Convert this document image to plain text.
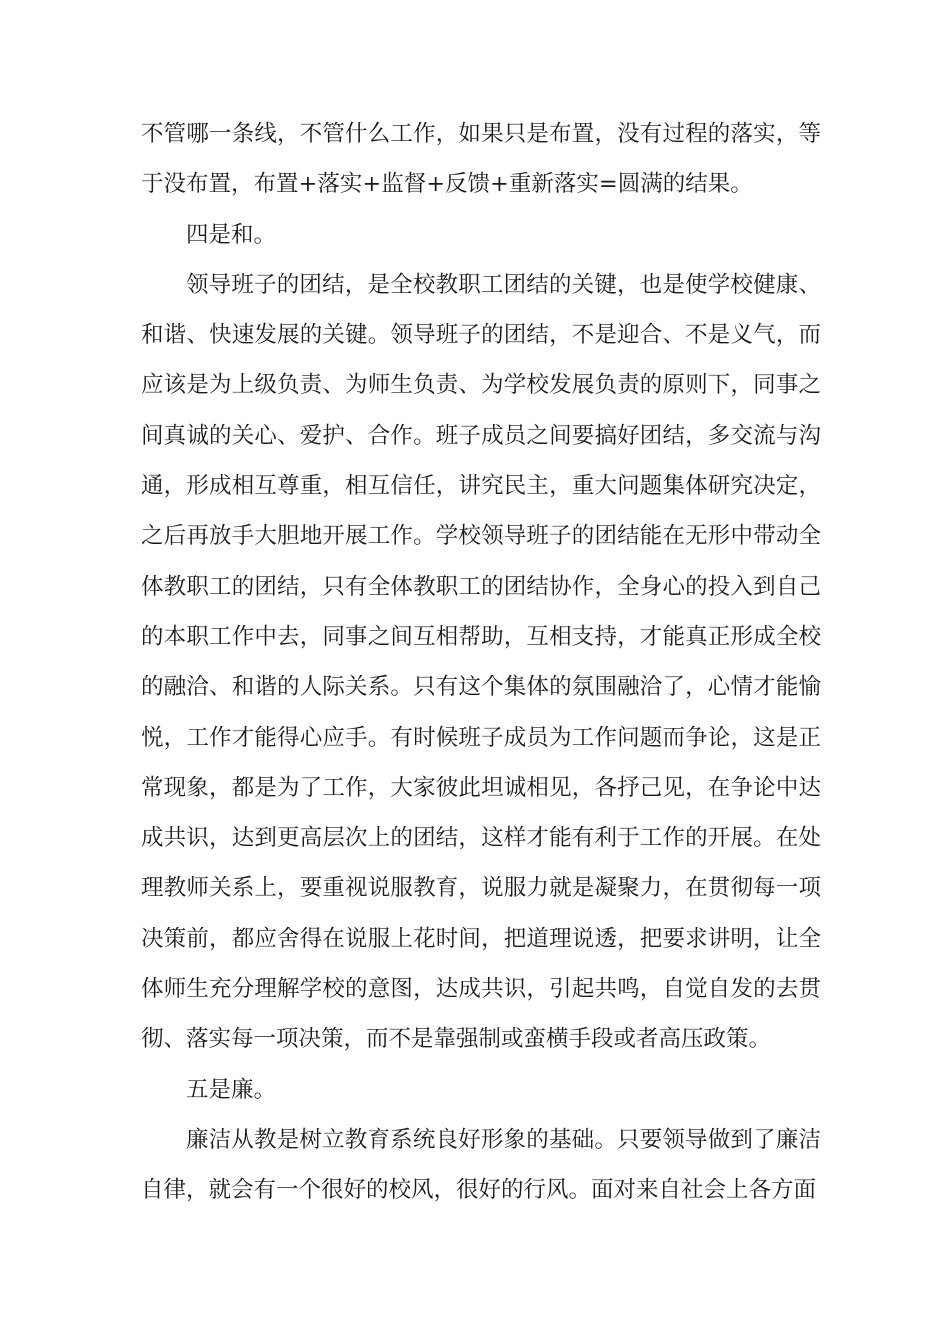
不管哪一条线，不管什么工作，如果只是布置，没有过程的落实，等于没布置，布置+落实+监督+反馈+重新落实=圆满的结果。

四是和。

领导班子的团结，是全校教职工团结的关键，也是使学校健康、和谐、快速发展的关键。领导班子的团结，不是迎合、不是义气，而应该是为上级负责、为师生负责、为学校发展负责的原则下，同事之间真诚的关心、爱护、合作。班子成员之间要搞好团结，多交流与沟通，形成相互尊重，相互信任，讲究民主，重大问题集体研究决定，之后再放手大胆地开展工作。学校领导班子的团结能在无形中带动全体教职工的团结，只有全体教职工的团结协作，全身心的投入到自己的本职工作中去，同事之间互相帮助，互相支持，才能真正形成全校的融洽、和谐的人际关系。只有这个集体的氛围融洽了，心情才能愉悦，工作才能得心应手。有时候班子成员为工作问题而争论，这是正常现象，都是为了工作，大家彼此坦诚相见，各抒己见，在争论中达成共识，达到更高层次上的团结，这样才能有利于工作的开展。在处理教师关系上，要重视说服教育，说服力就是凝聚力，在贯彻每一项决策前，都应舍得在说服上花时间，把道理说透，把要求讲明，让全体师生充分理解学校的意图，达成共识，引起共鸣，自觉自发的去贯彻、落实每一项决策，而不是靠强制或蛮横手段或者高压政策。

五是廉。

廉洁从教是树立教育系统良好形象的基础。只要领导做到了廉洁自律，就会有一个很好的校风，很好的行风。面对来自社会上各方面
